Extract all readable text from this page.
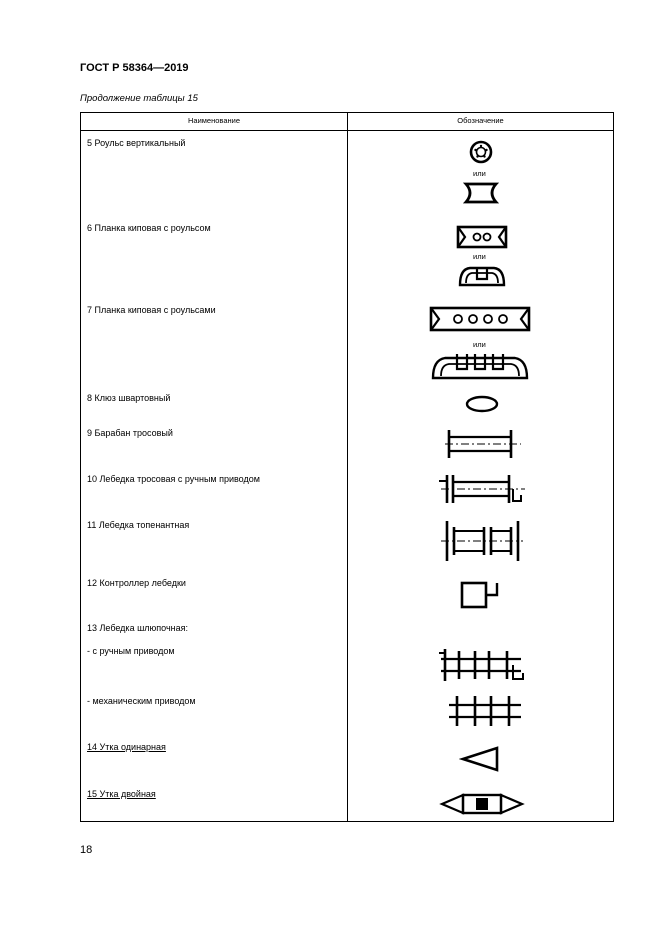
ГОСТ Р 58364—2019
Продолжение таблицы 15
Наименование	Обозначение
5 Роульс вертикальный
6 Планка киповая с роульсом
7 Планка киповая с роульсами
8 Клюз швартовный
9 Барабан тросовый
10 Лебедка тросовая с ручным приводом
11 Лебедка топенантная
12 Контроллер лебедки
13 Лебедка шлюпочная:
- с ручным приводом
- механическим приводом
14 Утка одинарная
15 Утка двойная
или
или
или
18
